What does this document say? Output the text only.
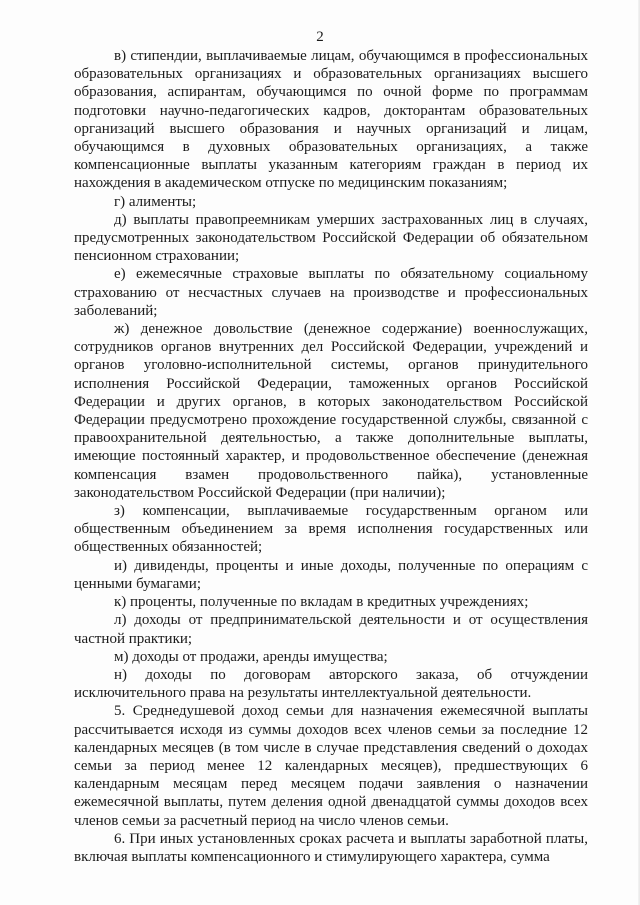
2

в) стипендии, выплачиваемые лицам, обучающимся в профессиональных образовательных организациях и образовательных организациях высшего образования, аспирантам, обучающимся по очной форме по программам подготовки научно-педагогических кадров, докторантам образовательных организаций высшего образования и научных организаций и лицам, обучающимся в духовных образовательных организациях, а также компенсационные выплаты указанным категориям граждан в период их нахождения в академическом отпуске по медицинским показаниям;

г) алименты;

д) выплаты правопреемникам умерших застрахованных лиц в случаях, предусмотренных законодательством Российской Федерации об обязательном пенсионном страховании;

е) ежемесячные страховые выплаты по обязательному социальному страхованию от несчастных случаев на производстве и профессиональных заболеваний;

ж) денежное довольствие (денежное содержание) военнослужащих, сотрудников органов внутренних дел Российской Федерации, учреждений и органов уголовно-исполнительной системы, органов принудительного исполнения Российской Федерации, таможенных органов Российской Федерации и других органов, в которых законодательством Российской Федерации предусмотрено прохождение государственной службы, связанной с правоохранительной деятельностью, а также дополнительные выплаты, имеющие постоянный характер, и продовольственное обеспечение (денежная компенсация взамен продовольственного пайка), установленные законодательством Российской Федерации (при наличии);

з) компенсации, выплачиваемые государственным органом или общественным объединением за время исполнения государственных или общественных обязанностей;

и) дивиденды, проценты и иные доходы, полученные по операциям с ценными бумагами;

к) проценты, полученные по вкладам в кредитных учреждениях;

л) доходы от предпринимательской деятельности и от осуществления частной практики;

м) доходы от продажи, аренды имущества;

н) доходы по договорам авторского заказа, об отчуждении исключительного права на результаты интеллектуальной деятельности.

5. Среднедушевой доход семьи для назначения ежемесячной выплаты рассчитывается исходя из суммы доходов всех членов семьи за последние 12 календарных месяцев (в том числе в случае представления сведений о доходах семьи за период менее 12 календарных месяцев), предшествующих 6 календарным месяцам перед месяцем подачи заявления о назначении ежемесячной выплаты, путем деления одной двенадцатой суммы доходов всех членов семьи за расчетный период на число членов семьи.

6. При иных установленных сроках расчета и выплаты заработной платы, включая выплаты компенсационного и стимулирующего характера, сумма
